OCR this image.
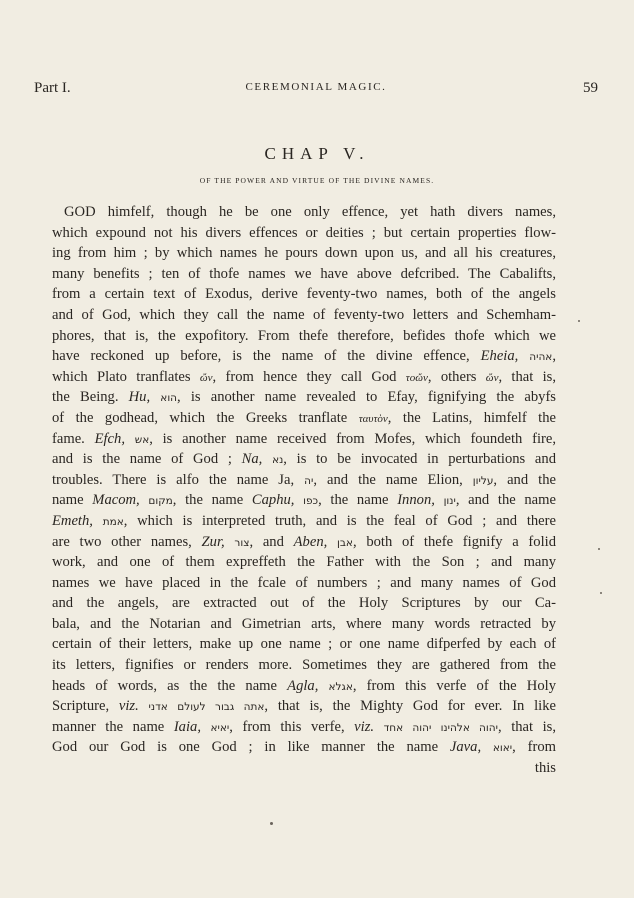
Part I.	CEREMONIAL MAGIC.	59
CHAP V.
OF THE POWER AND VIRTUE OF THE DIVINE NAMES.
GOD himfelf, though he be one only effence, yet hath divers names,
which expound not his divers effences or deities ; but certain properties flow-
ing from him ; by which names he pours down upon us, and all his creatures,
many benefits ; ten of thofe names we have above defcribed. The Cabalifts,
from a certain text of Exodus, derive feventy-two names, both of the angels
and of God, which they call the name of feventy-two letters and Schemham-
phores, that is, the expofitory. From thefe therefore, befides thofe which we
have reckoned up before, is the name of the divine effence, Eheia, אהיה,
which Plato tranflates ὤν, from hence they call God τοὤν, others ὤν, that is,
the Being. Hu, הוא, is another name revealed to Efay, fignifying the abyfs
of the godhead, which the Greeks tranflate ταυτὸν, the Latins, himfelf the
fame. Efch, אש, is another name received from Mofes, which foundeth fire,
and is the name of God ; Na, נא, is to be invocated in perturbations and
troubles. There is alfo the name Ja, יה, and the name Elion, עליון, and the
name Macom, מקום, the name Caphu, כפו, the name Innon, ינון, and the name
Emeth, אמת, which is interpreted truth, and is the feal of God ; and there
are two other names, Zur, צור, and Aben, אבן, both of thefe fignify a folid
work, and one of them expreffeth the Father with the Son ; and many
names we have placed in the fcale of numbers ; and many names of God
and the angels, are extracted out of the Holy Scriptures by our Ca-
bala, and the Notarian and Gimetrian arts, where many words retracted by
certain of their letters, make up one name ; or one name difperfed by each of
its letters, fignifies or renders more. Sometimes they are gathered from the
heads of words, as the the name Agla, אגלא, from this verfe of the Holy
Scripture, viz. אתה גבור לעולם אדני, that is, the Mighty God for ever. In like
manner the name Iaia, יאיא, from this verfe, viz. יהוה אלהינו יהוה אחד, that is,
God our God is one God ; in like manner the name Java, יאוא, from
this
